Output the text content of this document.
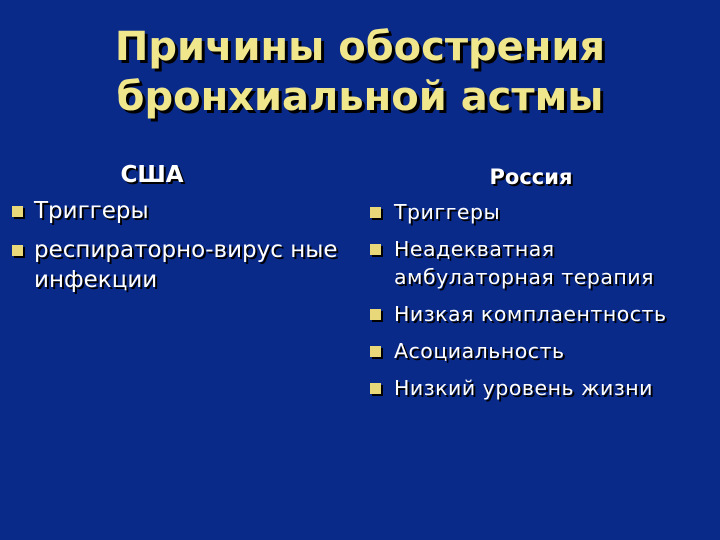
Причины обострения
бронхиальной астмы
США
Триггеры
респираторно-вирус ные инфекции
Россия
Триггеры
Неадекватная амбулаторная терапия
Низкая комплаентность
Асоциальность
Низкий уровень жизни
